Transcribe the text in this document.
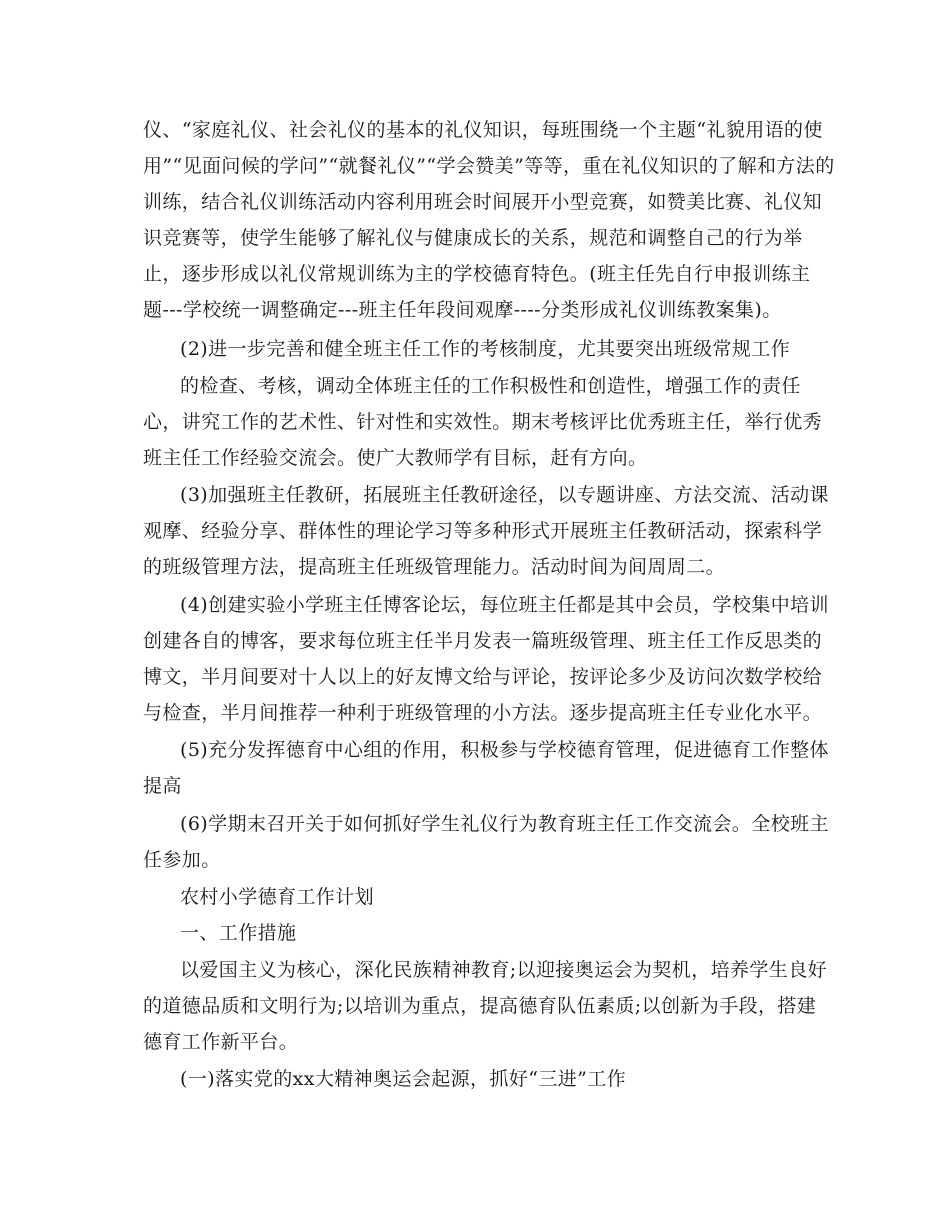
仪、“家庭礼仪、社会礼仪的基本的礼仪知识，每班围绕一个主题“礼貌用语的使
用”“见面问候的学问”“就餐礼仪”“学会赞美”等等，重在礼仪知识的了解和方法的
训练，结合礼仪训练活动内容利用班会时间展开小型竞赛，如赞美比赛、礼仪知
识竞赛等，使学生能够了解礼仪与健康成长的关系，规范和调整自己的行为举
止，逐步形成以礼仪常规训练为主的学校德育特色。(班主任先自行申报训练主
题---学校统一调整确定---班主任年段间观摩----分类形成礼仪训练教案集)。
(2)进一步完善和健全班主任工作的考核制度，尤其要突出班级常规工作
的检查、考核，调动全体班主任的工作积极性和创造性，增强工作的责任
心，讲究工作的艺术性、针对性和实效性。期末考核评比优秀班主任，举行优秀
班主任工作经验交流会。使广大教师学有目标，赶有方向。
(3)加强班主任教研，拓展班主任教研途径，以专题讲座、方法交流、活动课
观摩、经验分享、群体性的理论学习等多种形式开展班主任教研活动，探索科学
的班级管理方法，提高班主任班级管理能力。活动时间为间周周二。
(4)创建实验小学班主任博客论坛，每位班主任都是其中会员，学校集中培训
创建各自的博客，要求每位班主任半月发表一篇班级管理、班主任工作反思类的
博文，半月间要对十人以上的好友博文给与评论，按评论多少及访问次数学校给
与检查，半月间推荐一种利于班级管理的小方法。逐步提高班主任专业化水平。
(5)充分发挥德育中心组的作用，积极参与学校德育管理，促进德育工作整体
提高
(6)学期末召开关于如何抓好学生礼仪行为教育班主任工作交流会。全校班主
任参加。
农村小学德育工作计划
一、工作措施
以爱国主义为核心，深化民族精神教育;以迎接奥运会为契机，培养学生良好
的道德品质和文明行为;以培训为重点，提高德育队伍素质;以创新为手段，搭建
德育工作新平台。
(一)落实党的xx大精神奥运会起源，抓好“三进”工作
